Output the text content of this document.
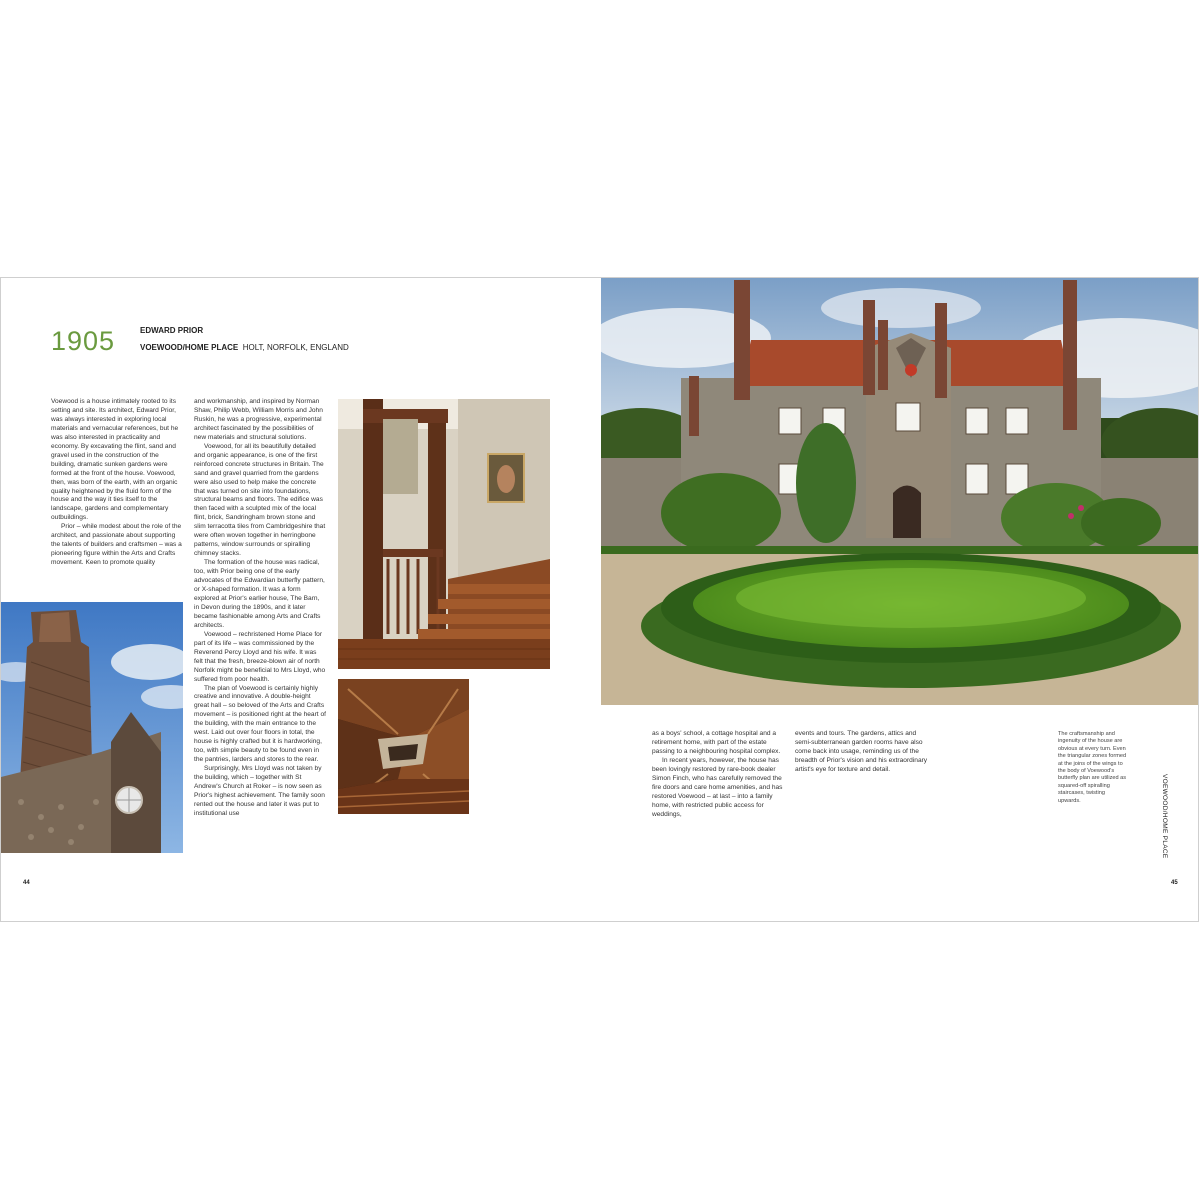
1905	EDWARD PRIOR
VOEWOOD/HOME PLACE HOLT, NORFOLK, ENGLAND

Voewood is a house intimately rooted to its setting and site. Its architect, Edward Prior, was always interested in exploring local materials and vernacular references, but he was also interested in practicality and economy. By excavating the flint, sand and gravel used in the construction of the building, dramatic sunken gardens were formed at the front of the house. Voewood, then, was born of the earth, with an organic quality heightened by the fluid form of the house and the way it ties itself to the landscape, gardens and complementary outbuildings.

Prior – while modest about the role of the architect, and passionate about supporting the talents of builders and craftsmen – was a pioneering figure within the Arts and Crafts movement. Keen to promote quality

and workmanship, and inspired by Norman Shaw, Philip Webb, William Morris and John Ruskin, he was a progressive, experimental architect fascinated by the possibilities of new materials and structural solutions.

Voewood, for all its beautifully detailed and organic appearance, is one of the first reinforced concrete structures in Britain. The sand and gravel quarried from the gardens were also used to help make the concrete that was turned on site into foundations, structural beams and floors. The edifice was then faced with a sculpted mix of the local flint, brick, Sandringham brown stone and slim terracotta tiles from Cambridgeshire that were often woven together in herringbone patterns, window surrounds or spiralling chimney stacks.

The formation of the house was radical, too, with Prior being one of the early advocates of the Edwardian butterfly pattern, or X-shaped formation. It was a form explored at Prior's earlier house, The Barn, in Devon during the 1890s, and it later became fashionable among Arts and Crafts architects.

Voewood – rechristened Home Place for part of its life – was commissioned by the Reverend Percy Lloyd and his wife. It was felt that the fresh, breeze-blown air of north Norfolk might be beneficial to Mrs Lloyd, who suffered from poor health.

The plan of Voewood is certainly highly creative and innovative. A double-height great hall – so beloved of the Arts and Crafts movement – is positioned right at the heart of the building, with the main entrance to the west. Laid out over four floors in total, the house is highly crafted but it is hardworking, too, with simple beauty to be found even in the pantries, larders and stores to the rear.

Surprisingly, Mrs Lloyd was not taken by the building, which – together with St Andrew's Church at Roker – is now seen as Prior's highest achievement. The family soon rented out the house and later it was put to institutional use

44

as a boys' school, a cottage hospital and a retirement home, with part of the estate passing to a neighbouring hospital complex.

In recent years, however, the house has been lovingly restored by rare-book dealer Simon Finch, who has carefully removed the fire doors and care home amenities, and has restored Voewood – at last – into a family home, with restricted public access for weddings,

events and tours. The gardens, attics and semi-subterranean garden rooms have also come back into usage, reminding us of the breadth of Prior's vision and his extraordinary artist's eye for texture and detail.

The craftsmanship and ingenuity of the house are obvious at every turn. Even the triangular zones formed at the joins of the wings to the body of Voewood's butterfly plan are utilized as squared-off spiralling staircases, twisting upwards.	VOEWOOD/HOME PLACE
45
